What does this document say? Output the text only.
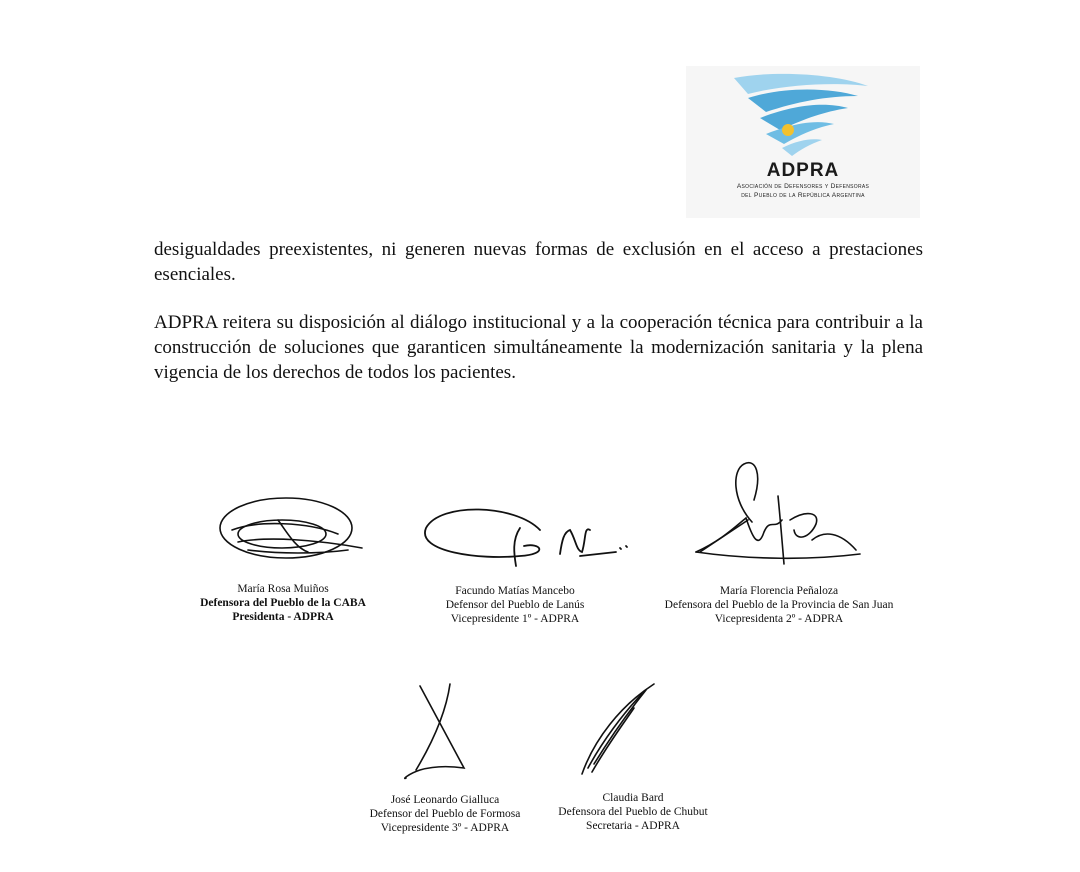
ADPRA
Asociación de Defensores y Defensoras
del Pueblo de la República Argentina
desigualdades preexistentes, ni generen nuevas formas de exclusión en el acceso a prestaciones esenciales.
ADPRA reitera su disposición al diálogo institucional y a la cooperación técnica para contribuir a la construcción de soluciones que garanticen simultáneamente la modernización sanitaria y la plena vigencia de los derechos de todos los pacientes.
María Rosa Muiños
Defensora del Pueblo de la CABA
Presidenta - ADPRA
Facundo Matías Mancebo
Defensor del Pueblo de Lanús
Vicepresidente 1º - ADPRA
María Florencia Peñaloza
Defensora del Pueblo de la Provincia de San Juan
Vicepresidenta 2º - ADPRA
José Leonardo Gialluca
Defensor del Pueblo de Formosa
Vicepresidente 3º - ADPRA
Claudia Bard
Defensora del Pueblo de Chubut
Secretaria - ADPRA
